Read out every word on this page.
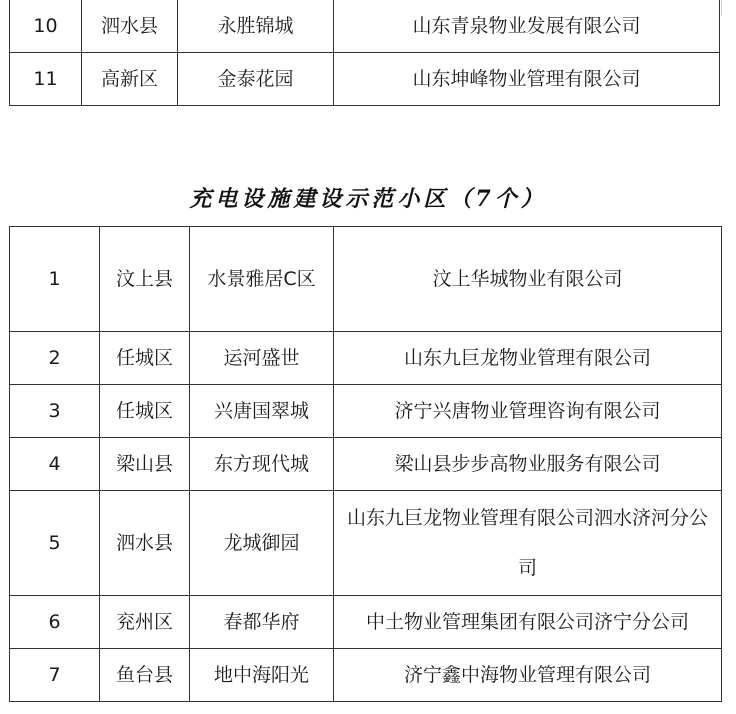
10	泗水县	永胜锦城	山东青泉物业发展有限公司
11	高新区	金泰花园	山东坤峰物业管理有限公司
充电设施建设示范小区（7个）
1	汶上县	水景雅居C区	汶上华城物业有限公司
2	任城区	运河盛世	山东九巨龙物业管理有限公司
3	任城区	兴唐国翠城	济宁兴唐物业管理咨询有限公司
4	梁山县	东方现代城	梁山县步步高物业服务有限公司
5	泗水县	龙城御园	山东九巨龙物业管理有限公司泗水济河分公司
6	兖州区	春都华府	中土物业管理集团有限公司济宁分公司
7	鱼台县	地中海阳光	济宁鑫中海物业管理有限公司
